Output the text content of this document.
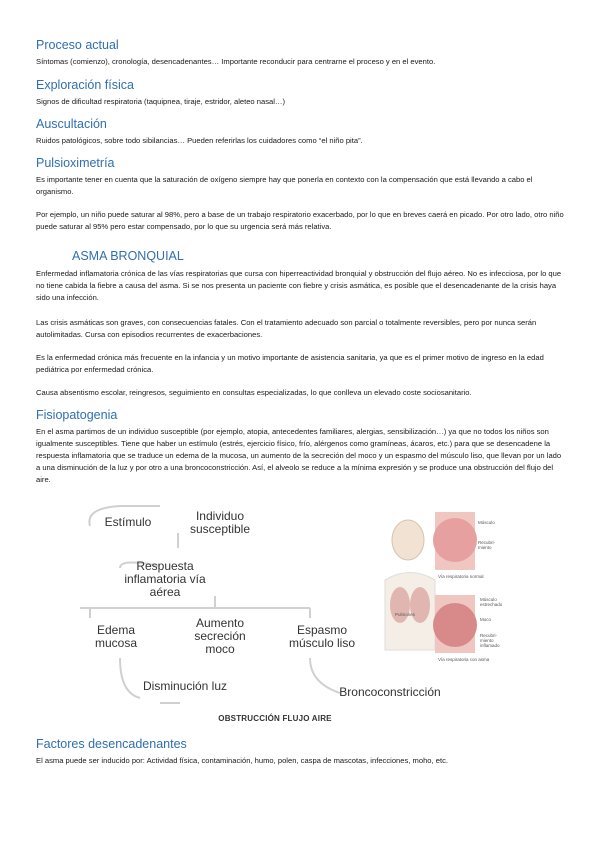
Proceso actual

Síntomas (comienzo), cronología, desencadenantes… Importante reconducir para centrarne el proceso y en el evento.

Exploración física

Signos de dificultad respiratoria (taquipnea, tiraje, estridor, aleteo nasal…)

Auscultación

Ruidos patológicos, sobre todo sibilancias… Pueden referirlas los cuidadores como “el niño pita”.

Pulsioximetría

Es importante tener en cuenta que la saturación de oxígeno siempre hay que ponerla en contexto con la compensación que está llevando a cabo el organismo.

Por ejemplo, un niño puede saturar al 98%, pero a base de un trabajo respiratorio exacerbado, por lo que en breves caerá en picado. Por otro lado, otro niño puede saturar al 95% pero estar compensado, por lo que su urgencia será más relativa.

ASMA BRONQUIAL

Enfermedad inflamatoria crónica de las vías respiratorias que cursa con hiperreactividad bronquial y obstrucción del flujo aéreo. No es infecciosa, por lo que no tiene cabida la fiebre a causa del asma. Si se nos presenta un paciente con fiebre y crisis asmática, es posible que el desencadenante de la crisis haya sido una infección.

Las crisis asmáticas son graves, con consecuencias fatales. Con el tratamiento adecuado son parcial o totalmente reversibles, pero por nunca serán autolimitadas. Cursa con episodios recurrentes de exacerbaciones.

Es la enfermedad crónica más frecuente en la infancia y un motivo importante de asistencia sanitaria, ya que es el primer motivo de ingreso en la edad pediátrica por enfermedad crónica.

Causa absentismo escolar, reingresos, seguimiento en consultas especializadas, lo que conlleva un elevado coste sociosanitario.

Fisiopatogenia

En el asma partimos de un individuo susceptible (por ejemplo, atopia, antecedentes familiares, alergias, sensibilización…) ya que no todos los niños son igualmente susceptibles. Tiene que haber un estímulo (estrés, ejercicio físico, frío, alérgenos como gramíneas, ácaros, etc.) para que se desencadene la respuesta inflamatoria que se traduce un edema de la mucosa, un aumento de la secreción del moco y un espasmo del músculo liso, que llevan por un lado a una disminución de la luz y por otro a una broncoconstricción. Así, el alveolo se reduce a la mínima expresión y se produce una obstrucción del flujo del aire.

Estímulo	Individuo susceptible
Respuesta inflamatoria vía aérea
Edema mucosa
Aumento secreción moco
Espasmo músculo liso
Disminución luz	Broncoconstricción
OBSTRUCCIÓN FLUJO AIRE
Músculo
Recubri-miento
Vía respiratoria normal
Pulmones
Músculo estrechado
Moco
Recubri-miento inflamado
Vía respiratoria con asma
Factores desencadenantes

El asma puede ser inducido por: Actividad física, contaminación, humo, polen, caspa de mascotas, infecciones, moho, etc.
